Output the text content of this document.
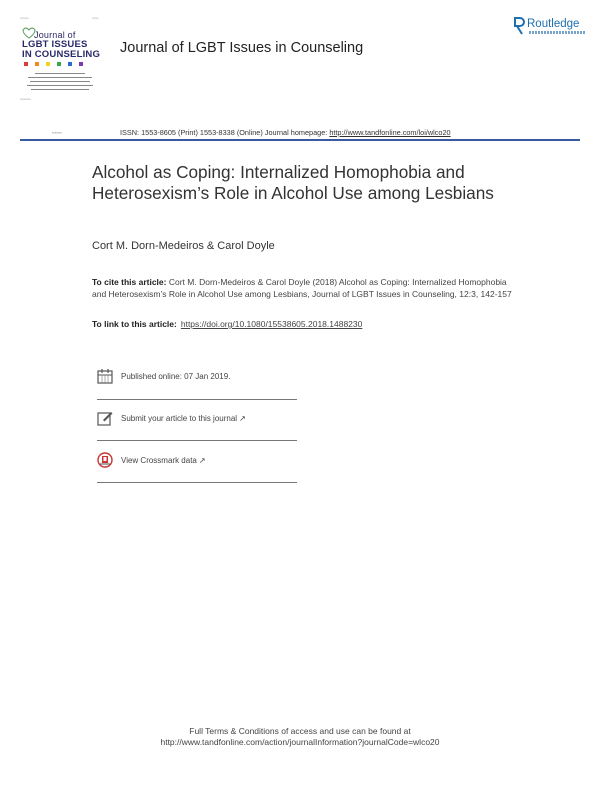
▪▪▪▪▪▪▪▪	▪▪▪▪▪▪
Journal of
LGBT ISSUES
IN COUNSELING
▪▪▪▪▪▪▪▪▪▪
Journal of LGBT Issues in Counseling
Routledge
▪▪▪▪▪▪▪	ISSN: 1553-8605 (Print) 1553-8338 (Online) Journal homepage: http://www.tandfonline.com/loi/wlco20
Alcohol as Coping: Internalized Homophobia and Heterosexism’s Role in Alcohol Use among Lesbians
Cort M. Dorn-Medeiros & Carol Doyle
To cite this article: Cort M. Dorn-Medeiros & Carol Doyle (2018) Alcohol as Coping: Internalized Homophobia and Heterosexism’s Role in Alcohol Use among Lesbians, Journal of LGBT Issues in Counseling, 12:3, 142-157
To link to this article: https://doi.org/10.1080/15538605.2018.1488230
Published online: 07 Jan 2019.
Submit your article to this journal ↗
View Crossmark data ↗
Full Terms & Conditions of access and use can be found at
http://www.tandfonline.com/action/journalInformation?journalCode=wlco20
